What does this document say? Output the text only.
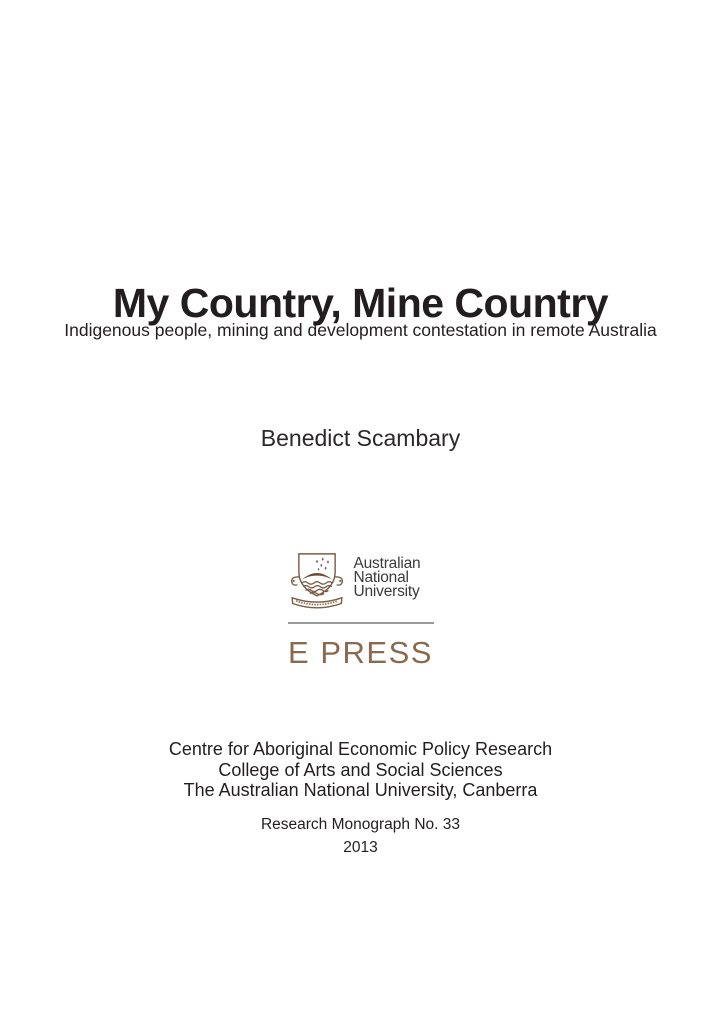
My Country, Mine Country
Indigenous people, mining and development contestation in remote Australia
Benedict Scambary
Australian
National
University
E PRESS
Centre for Aboriginal Economic Policy Research
College of Arts and Social Sciences
The Australian National University, Canberra
Research Monograph No. 33
2013
